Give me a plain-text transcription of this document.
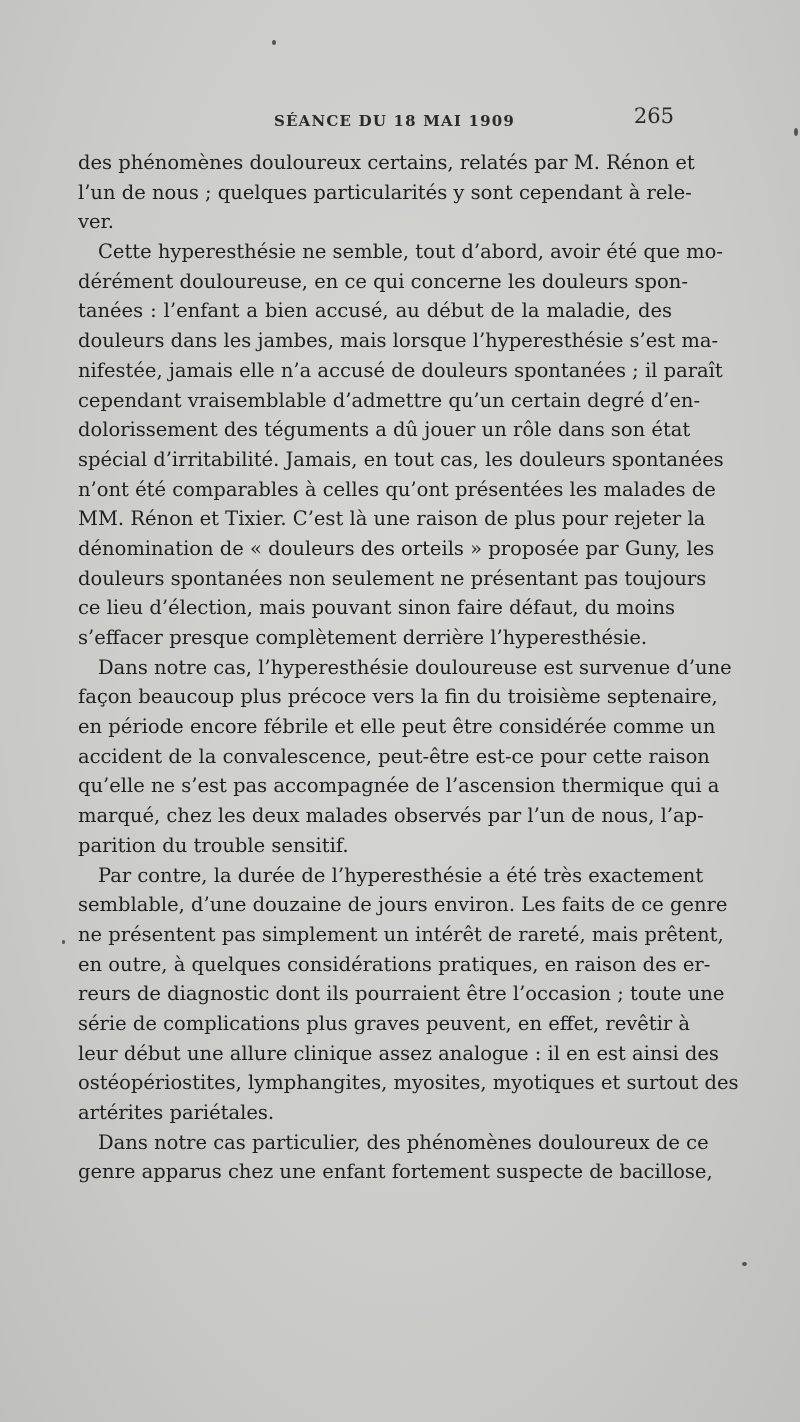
SÉANCE DU 18 MAI 1909	265
des phénomènes douloureux certains, relatés par M. Rénon et
l’un de nous ; quelques particularités y sont cependant à rele-
ver.
Cette hyperesthésie ne semble, tout d’abord, avoir été que mo-
dérément douloureuse, en ce qui concerne les douleurs spon-
tanées : l’enfant a bien accusé, au début de la maladie, des
douleurs dans les jambes, mais lorsque l’hyperesthésie s’est ma-
nifestée, jamais elle n’a accusé de douleurs spontanées ; il paraît
cependant vraisemblable d’admettre qu’un certain degré d’en-
dolorissement des téguments a dû jouer un rôle dans son état
spécial d’irritabilité. Jamais, en tout cas, les douleurs spontanées
n’ont été comparables à celles qu’ont présentées les malades de
MM. Rénon et Tixier. C’est là une raison de plus pour rejeter la
dénomination de « douleurs des orteils » proposée par Guny, les
douleurs spontanées non seulement ne présentant pas toujours
ce lieu d’élection, mais pouvant sinon faire défaut, du moins
s’effacer presque complètement derrière l’hyperesthésie.
Dans notre cas, l’hyperesthésie douloureuse est survenue d’une
façon beaucoup plus précoce vers la fin du troisième septenaire,
en période encore fébrile et elle peut être considérée comme un
accident de la convalescence, peut-être est-ce pour cette raison
qu’elle ne s’est pas accompagnée de l’ascension thermique qui a
marqué, chez les deux malades observés par l’un de nous, l’ap-
parition du trouble sensitif.
Par contre, la durée de l’hyperesthésie a été très exactement
semblable, d’une douzaine de jours environ. Les faits de ce genre
ne présentent pas simplement un intérêt de rareté, mais prêtent,
en outre, à quelques considérations pratiques, en raison des er-
reurs de diagnostic dont ils pourraient être l’occasion ; toute une
série de complications plus graves peuvent, en effet, revêtir à
leur début une allure clinique assez analogue : il en est ainsi des
ostéopériostites, lymphangites, myosites, myotiques et surtout des
artérites pariétales.
Dans notre cas particulier, des phénomènes douloureux de ce
genre apparus chez une enfant fortement suspecte de bacillose,
